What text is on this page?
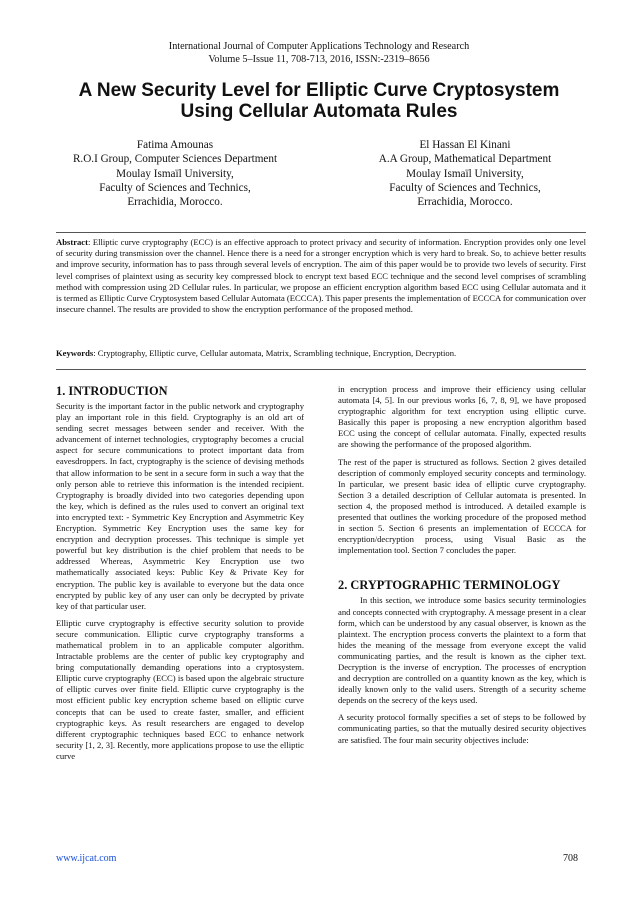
International Journal of Computer Applications Technology and Research
Volume 5–Issue 11, 708-713, 2016, ISSN:-2319–8656
A New Security Level for Elliptic Curve Cryptosystem
Using Cellular Automata Rules
Fatima Amounas
R.O.I Group, Computer Sciences Department
Moulay Ismaïl University,
Faculty of Sciences and Technics,
Errachidia, Morocco.
El Hassan El Kinani
A.A Group, Mathematical Department
Moulay Ismaïl University,
Faculty of Sciences and Technics,
Errachidia, Morocco.

Abstract: Elliptic curve cryptography (ECC) is an effective approach to protect privacy and security of information. Encryption provides only one level of security during transmission over the channel. Hence there is a need for a stronger encryption which is very hard to break. So, to achieve better results and improve security, information has to pass through several levels of encryption. The aim of this paper would be to provide two levels of security. First level comprises of plaintext using as security key compressed block to encrypt text based ECC technique and the second level comprises of scrambling method with compression using 2D Cellular rules. In particular, we propose an efficient encryption algorithm based ECC using Cellular automata and it is termed as Elliptic Curve Cryptosystem based Cellular Automata (ECCCA). This paper presents the implementation of ECCCA for communication over insecure channel. The results are provided to show the encryption performance of the proposed method.

Keywords: Cryptography, Elliptic curve, Cellular automata, Matrix, Scrambling technique, Encryption, Decryption.

1. INTRODUCTION

Security is the important factor in the public network and cryptography play an important role in this field. Cryptography is an old art of sending secret messages between sender and receiver. With the advancement of internet technologies, cryptography becomes a crucial aspect for secure communications to protect important data from eavesdroppers. In fact, cryptography is the science of devising methods that allow information to be sent in a secure form in such a way that the only person able to retrieve this information is the intended recipient. Cryptography is broadly divided into two categories depending upon the key, which is defined as the rules used to convert an original text into encrypted text: - Symmetric Key Encryption and Asymmetric Key Encryption. Symmetric Key Encryption uses the same key for encryption and decryption processes. This technique is simple yet powerful but key distribution is the chief problem that needs to be addressed Whereas, Asymmetric Key Encryption use two mathematically associated keys: Public Key & Private Key for encryption. The public key is available to everyone but the data once encrypted by public key of any user can only be decrypted by private key of that particular user.

Elliptic curve cryptography is effective security solution to provide secure communication. Elliptic curve cryptography transforms a mathematical problem in to an applicable computer algorithm. Intractable problems are the center of public key cryptography and bring computationally demanding operations into a cryptosystem. Elliptic curve cryptography (ECC) is based upon the algebraic structure of elliptic curves over finite field. Elliptic curve cryptography is the most efficient public key encryption scheme based on elliptic curve concepts that can be used to create faster, smaller, and efficient cryptographic keys. As result researchers are engaged to develop different cryptographic techniques based ECC to enhance network security [1, 2, 3]. Recently, more applications propose to use the elliptic curve

in encryption process and improve their efficiency using cellular automata [4, 5]. In our previous works [6, 7, 8, 9], we have proposed cryptographic algorithm for text encryption using elliptic curve. Basically this paper is proposing a new encryption algorithm based ECC using the concept of cellular automata. Finally, expected results are showing the performance of the proposed algorithm.

The rest of the paper is structured as follows. Section 2 gives detailed description of commonly employed security concepts and terminology. In particular, we present basic idea of elliptic curve cryptography. Section 3 a detailed description of Cellular automata is presented. In section 4, the proposed method is introduced. A detailed example is presented that outlines the working procedure of the proposed method in section 5. Section 6 presents an implementation of ECCCA for encryption/decryption process, using Visual Basic as the implementation tool. Section 7 concludes the paper.

2. CRYPTOGRAPHIC TERMINOLOGY

In this section, we introduce some basics security terminologies and concepts connected with cryptography. A message present in a clear form, which can be understood by any casual observer, is known as the plaintext. The encryption process converts the plaintext to a form that hides the meaning of the message from everyone except the valid communicating parties, and the result is known as the cipher text. Decryption is the inverse of encryption. The processes of encryption and decryption are controlled on a quantity known as the key, which is ideally known only to the valid users. Strength of a security scheme depends on the secrecy of the keys used.

A security protocol formally specifies a set of steps to be followed by communicating parties, so that the mutually desired security objectives are satisfied. The four main security objectives include:

www.ijcat.com	708
